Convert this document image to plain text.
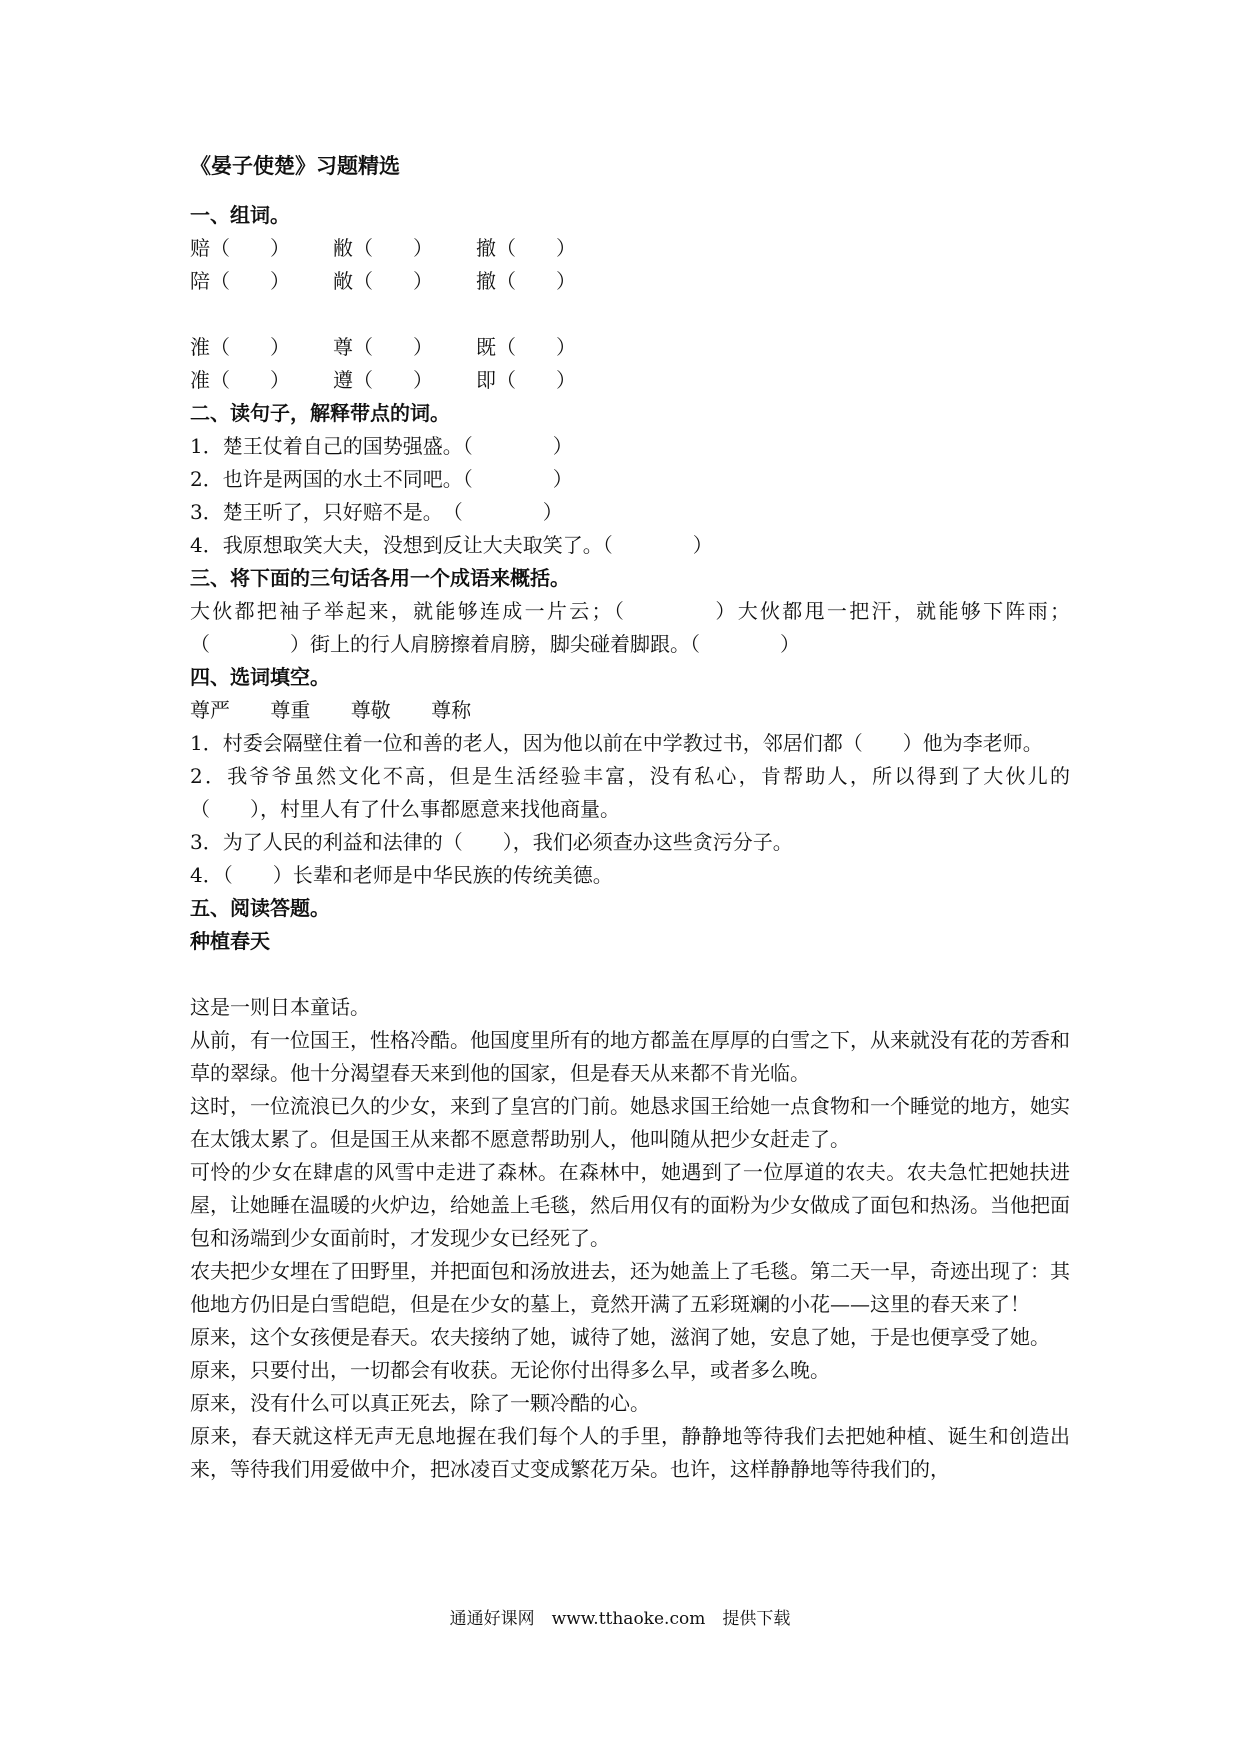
《晏子使楚》习题精选
一、组词。
赔（　　）	敝（　　）	撤（　　）
陪（　　）	敞（　　）	撤（　　）
淮（　　）	尊（　　）	既（　　）
准（　　）	遵（　　）	即（　　）
二、读句子，解释带点的词。
1．楚王仗着自己的国势强盛。（　　　　）
2．也许是两国的水土不同吧。（　　　　）
3．楚王听了，只好赔不是。　（　　　　）
4．我原想取笑大夫，没想到反让大夫取笑了。（　　　　）
三、将下面的三句话各用一个成语来概括。
大伙都把袖子举起来，就能够连成一片云；（　　　　）大伙都甩一把汗，就能够下阵雨；（　　　　）街上的行人肩膀擦着肩膀，脚尖碰着脚跟。（　　　　）
四、选词填空。
尊严 尊重 尊敬 尊称
1．村委会隔壁住着一位和善的老人，因为他以前在中学教过书，邻居们都（　　）他为李老师。
2．我爷爷虽然文化不高，但是生活经验丰富，没有私心，肯帮助人，所以得到了大伙儿的（　　），村里人有了什么事都愿意来找他商量。
3．为了人民的利益和法律的（　　），我们必须查办这些贪污分子。
4．（　　）长辈和老师是中华民族的传统美德。
五、阅读答题。
种植春天
这是一则日本童话。
从前，有一位国王，性格冷酷。他国度里所有的地方都盖在厚厚的白雪之下，从来就没有花的芳香和草的翠绿。他十分渴望春天来到他的国家，但是春天从来都不肯光临。
这时，一位流浪已久的少女，来到了皇宫的门前。她恳求国王给她一点食物和一个睡觉的地方，她实在太饿太累了。但是国王从来都不愿意帮助别人，他叫随从把少女赶走了。
可怜的少女在肆虐的风雪中走进了森林。在森林中，她遇到了一位厚道的农夫。农夫急忙把她扶进屋，让她睡在温暖的火炉边，给她盖上毛毯，然后用仅有的面粉为少女做成了面包和热汤。当他把面包和汤端到少女面前时，才发现少女已经死了。
农夫把少女埋在了田野里，并把面包和汤放进去，还为她盖上了毛毯。第二天一早，奇迹出现了：其他地方仍旧是白雪皑皑，但是在少女的墓上，竟然开满了五彩斑斓的小花——这里的春天来了！
原来，这个女孩便是春天。农夫接纳了她，诚待了她，滋润了她，安息了她，于是也便享受了她。
原来，只要付出，一切都会有收获。无论你付出得多么早，或者多么晚。
原来，没有什么可以真正死去，除了一颗冷酷的心。
原来，春天就这样无声无息地握在我们每个人的手里，静静地等待我们去把她种植、诞生和创造出来，等待我们用爱做中介，把冰凌百丈变成繁花万朵。也许，这样静静地等待我们的，
通通好课网　www.tthaoke.com　提供下载
